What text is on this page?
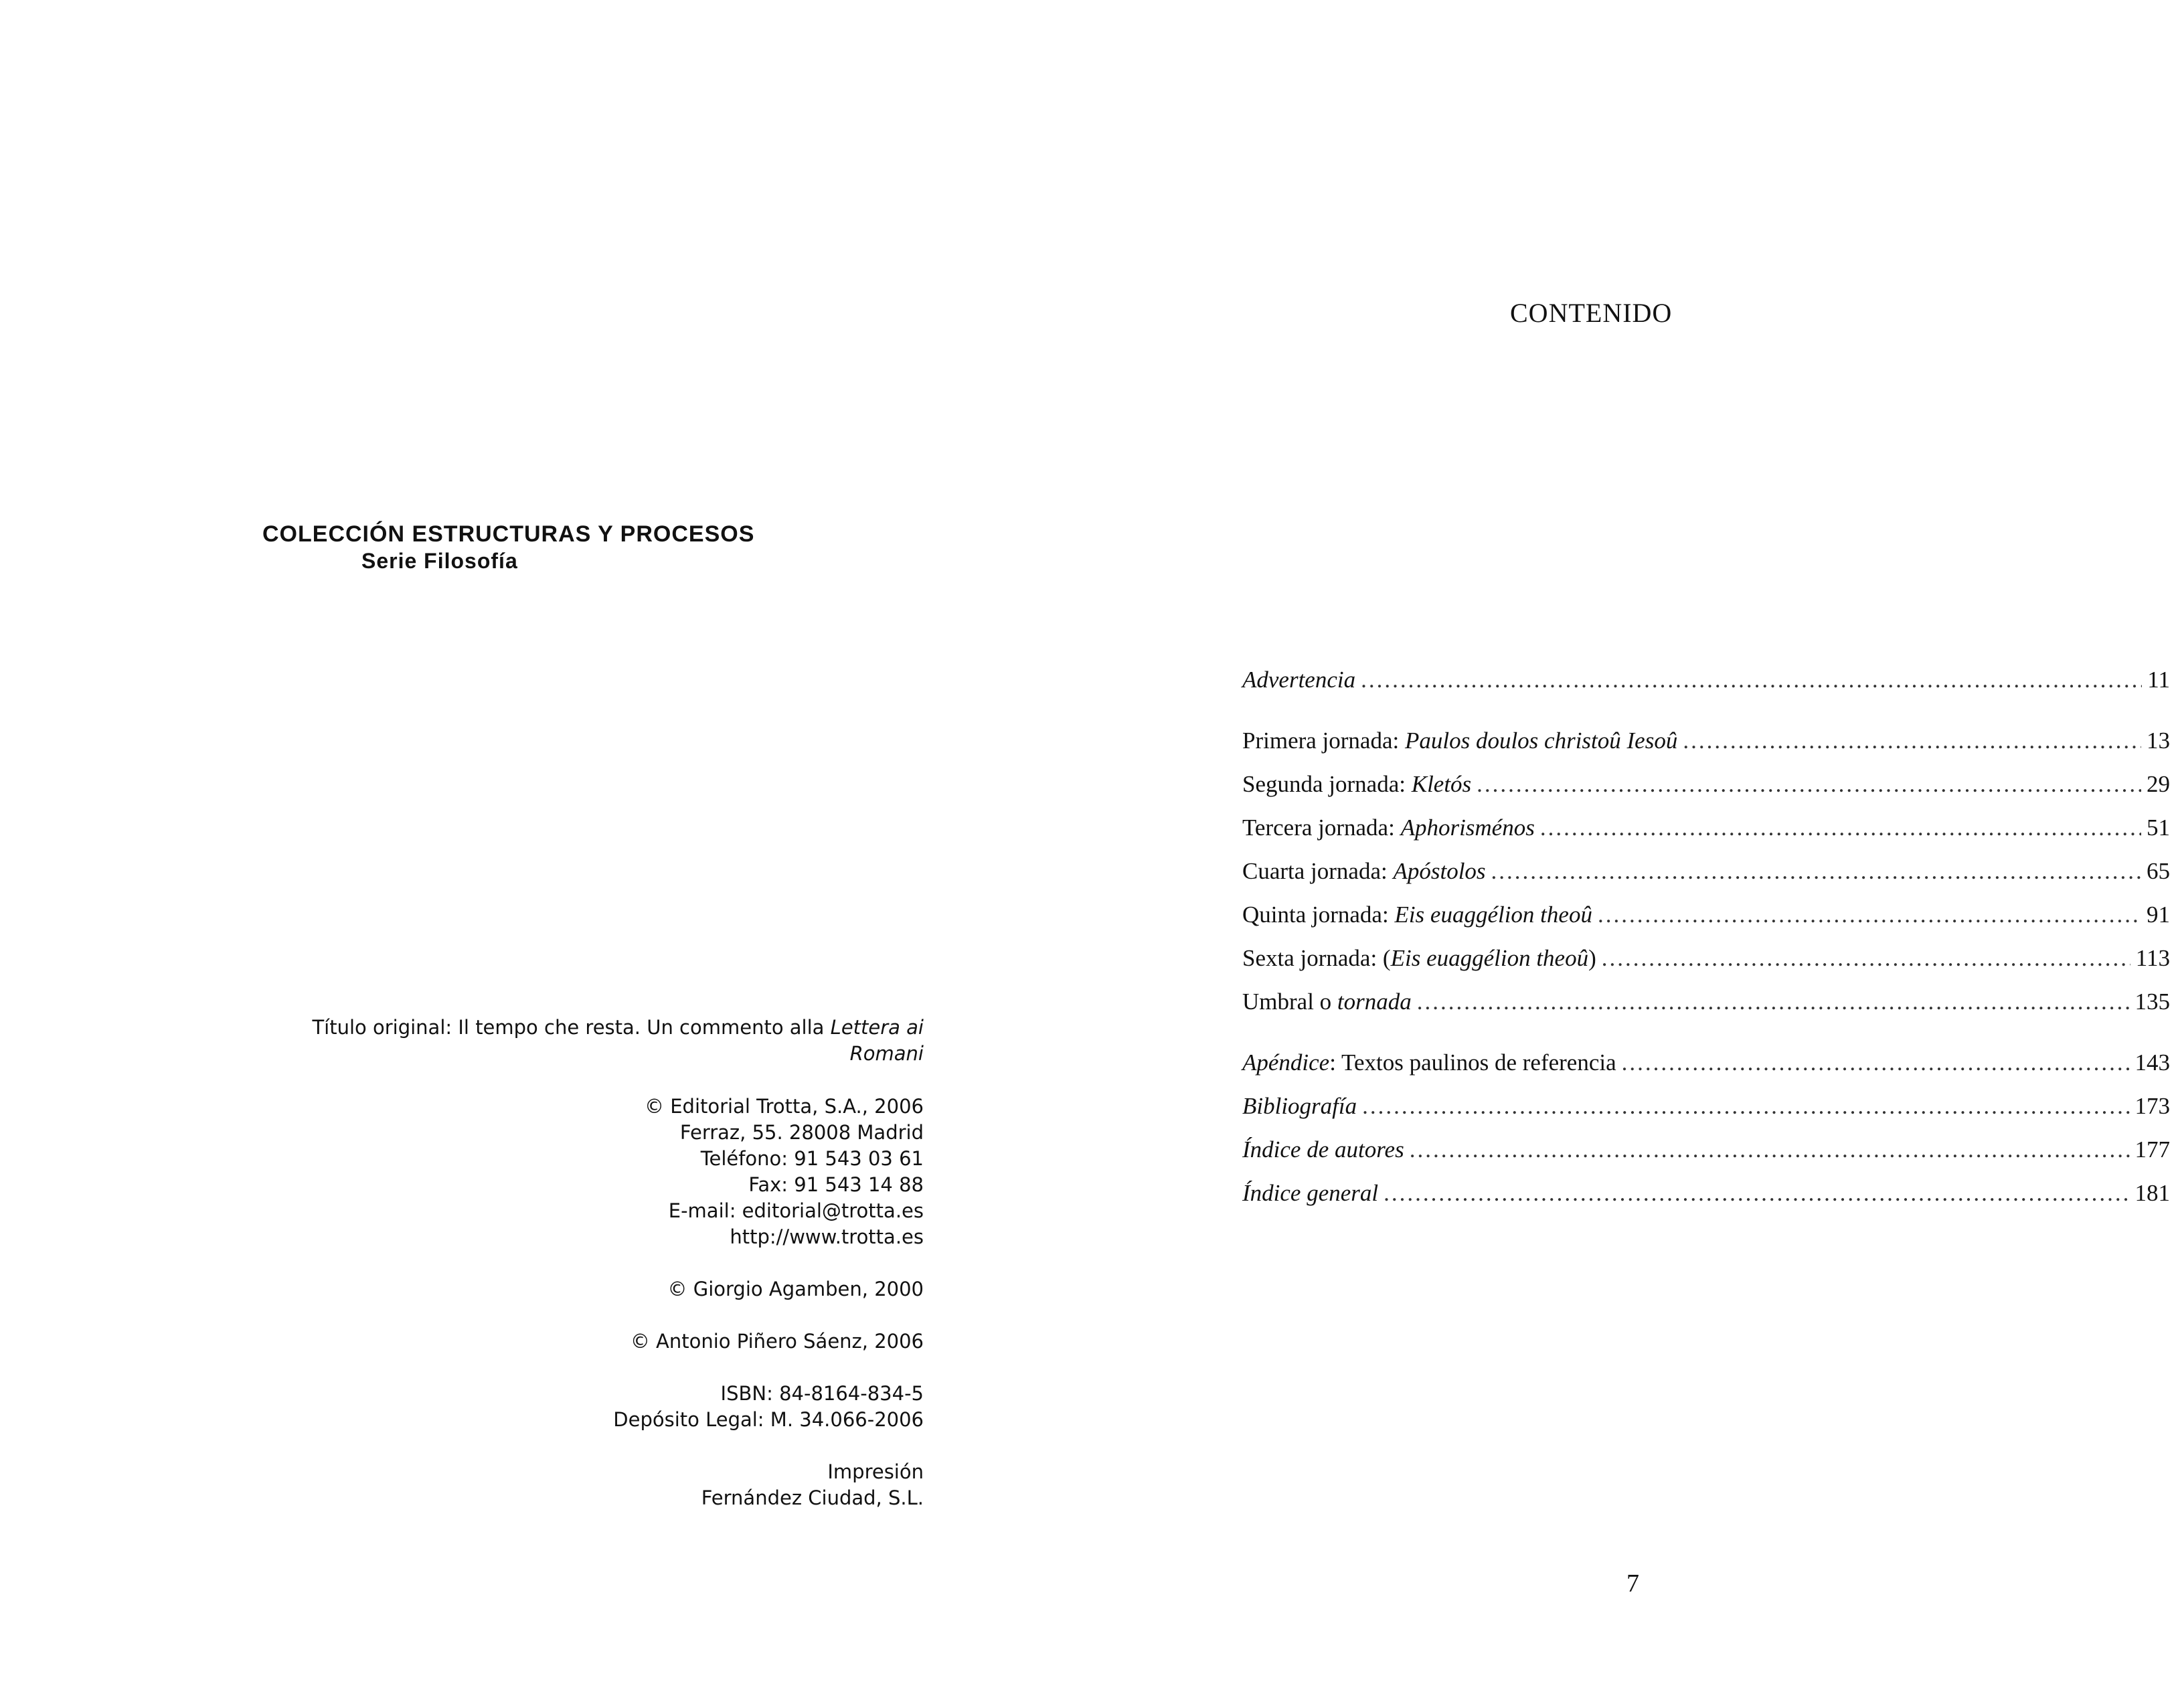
COLECCIÓN ESTRUCTURAS Y PROCESOS
Serie Filosofía
Título original: Il tempo che resta. Un commento alla Lettera ai Romani
© Editorial Trotta, S.A., 2006
Ferraz, 55. 28008 Madrid
Teléfono: 91 543 03 61
Fax: 91 543 14 88
E-mail: editorial@trotta.es
http://www.trotta.es
© Giorgio Agamben, 2000
© Antonio Piñero Sáenz, 2006
ISBN: 84-8164-834-5
Depósito Legal: M. 34.066-2006
Impresión
Fernández Ciudad, S.L.
CONTENIDO
Advertencia .....	11
Primera jornada: Paulos doulos christoû Iesoû .....	13
Segunda jornada: Kletós .....	29
Tercera jornada: Aphorisménos .....	51
Cuarta jornada: Apóstolos .....	65
Quinta jornada: Eis euaggélion theoû .....	91
Sexta jornada: (Eis euaggélion theoû) .....	113
Umbral o tornada .....	135
Apéndice: Textos paulinos de referencia .....	143
Bibliografía .....	173
Índice de autores .....	177
Índice general .....	181
7
